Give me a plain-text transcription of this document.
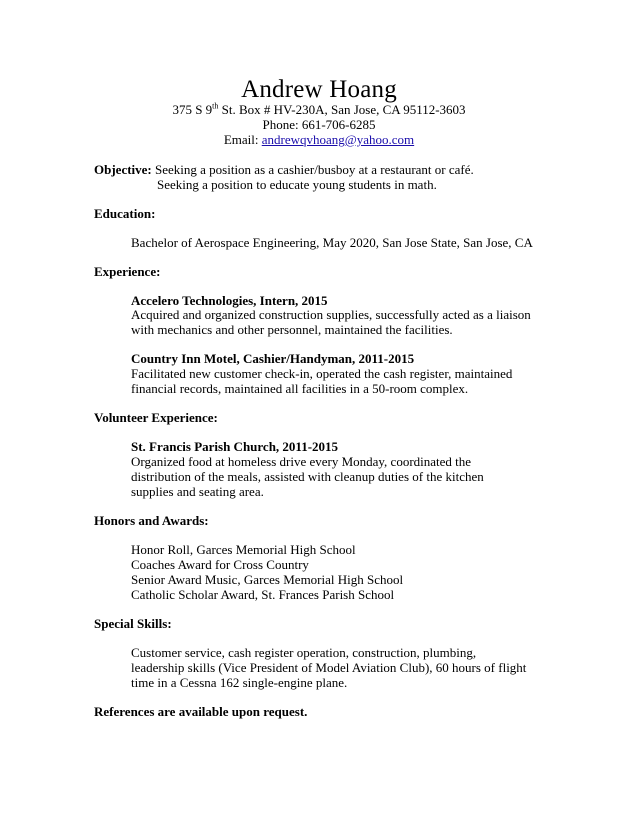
Andrew Hoang
375 S 9th St. Box # HV-230A, San Jose, CA 95112-3603
Phone: 661-706-6285
Email: andrewqvhoang@yahoo.com
Objective: Seeking a position as a cashier/busboy at a restaurant or café.
Seeking a position to educate young students in math.
Education:
Bachelor of Aerospace Engineering, May 2020, San Jose State, San Jose, CA
Experience:
Accelero Technologies, Intern, 2015
Acquired and organized construction supplies, successfully acted as a liaison
with mechanics and other personnel, maintained the facilities.
Country Inn Motel, Cashier/Handyman, 2011-2015
Facilitated new customer check-in, operated the cash register, maintained
financial records, maintained all facilities in a 50-room complex.
Volunteer Experience:
St. Francis Parish Church, 2011-2015
Organized food at homeless drive every Monday, coordinated the
distribution of the meals, assisted with cleanup duties of the kitchen
supplies and seating area.
Honors and Awards:
Honor Roll, Garces Memorial High School
Coaches Award for Cross Country
Senior Award Music, Garces Memorial High School
Catholic Scholar Award, St. Frances Parish School
Special Skills:
Customer service, cash register operation, construction, plumbing,
leadership skills (Vice President of Model Aviation Club), 60 hours of flight
time in a Cessna 162 single-engine plane.
References are available upon request.
